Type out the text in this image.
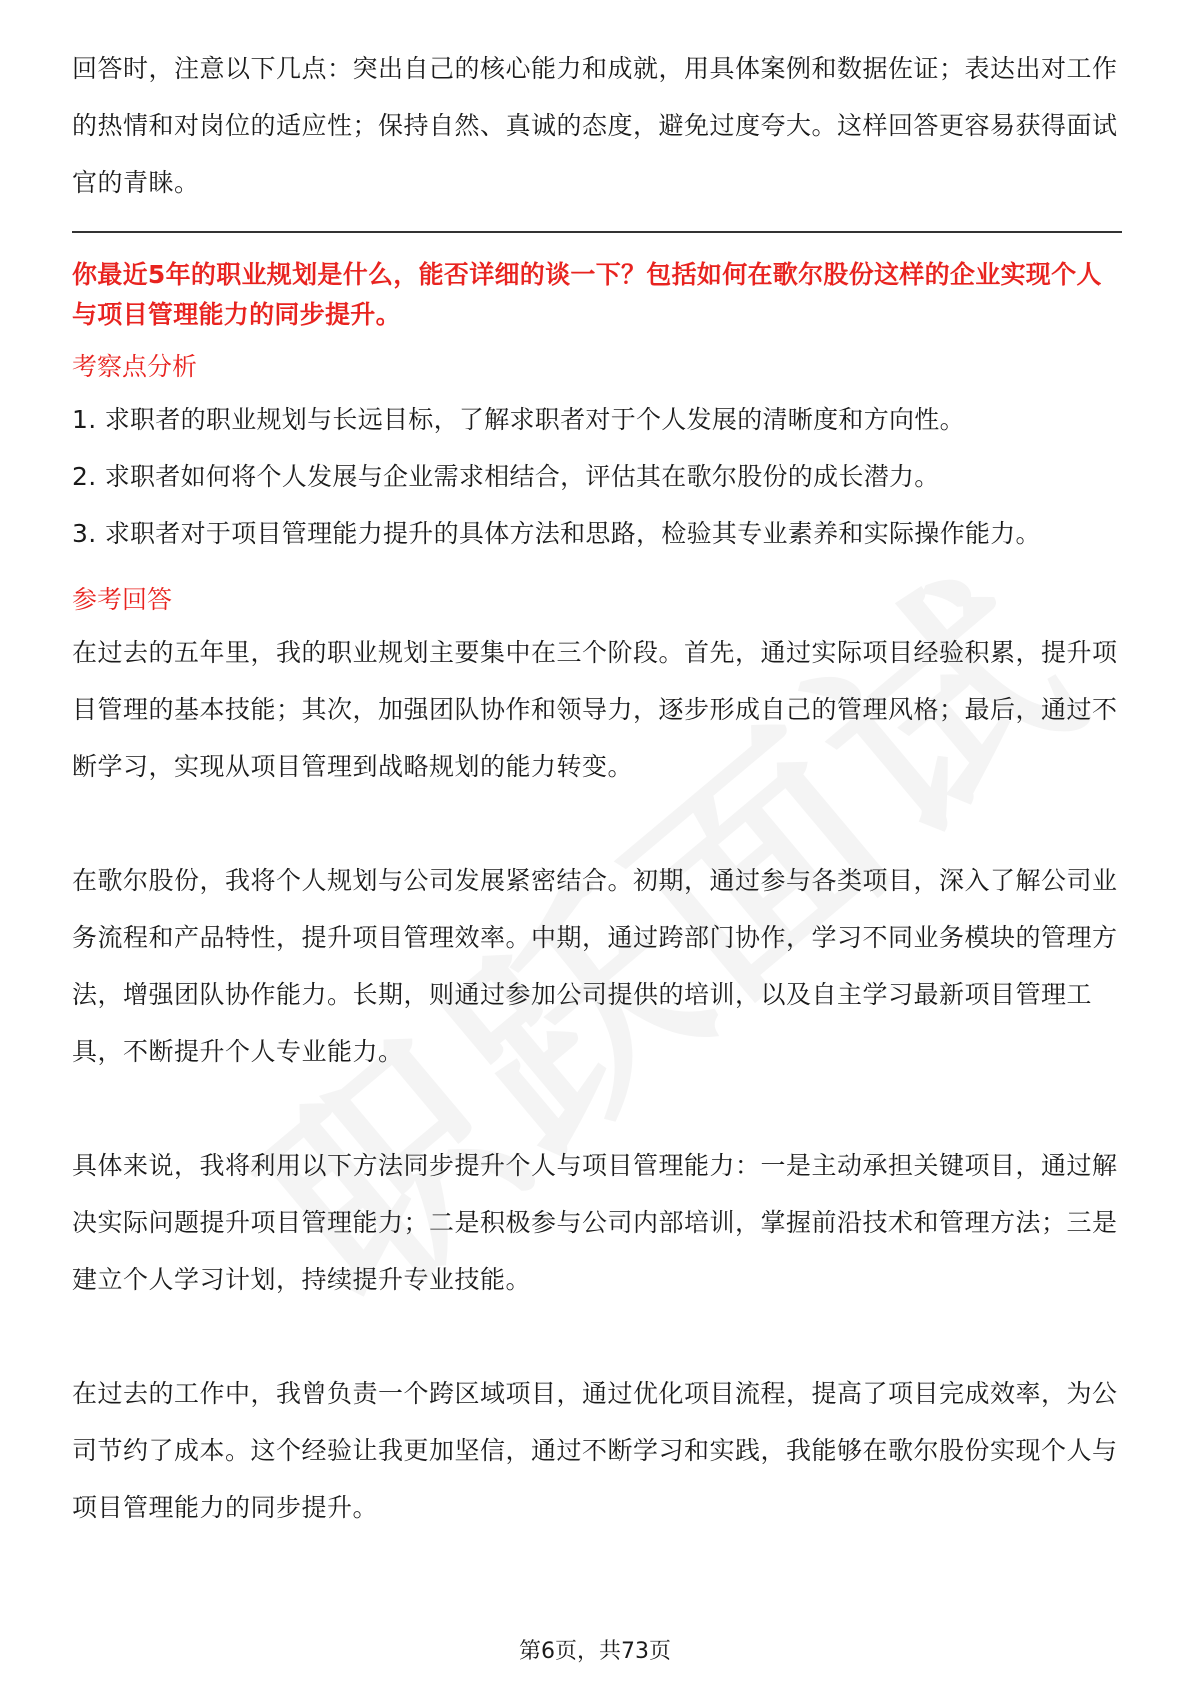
回答时，注意以下几点：突出自己的核心能力和成就，用具体案例和数据佐证；表达出对工作的热情和对岗位的适应性；保持自然、真诚的态度，避免过度夸大。这样回答更容易获得面试官的青睐。

你最近5年的职业规划是什么，能否详细的谈一下？包括如何在歌尔股份这样的企业实现个人与项目管理能力的同步提升。

考察点分析

1. 求职者的职业规划与长远目标，了解求职者对于个人发展的清晰度和方向性。

2. 求职者如何将个人发展与企业需求相结合，评估其在歌尔股份的成长潜力。

3. 求职者对于项目管理能力提升的具体方法和思路，检验其专业素养和实际操作能力。

参考回答

在过去的五年里，我的职业规划主要集中在三个阶段。首先，通过实际项目经验积累，提升项目管理的基本技能；其次，加强团队协作和领导力，逐步形成自己的管理风格；最后，通过不断学习，实现从项目管理到战略规划的能力转变。

在歌尔股份，我将个人规划与公司发展紧密结合。初期，通过参与各类项目，深入了解公司业务流程和产品特性，提升项目管理效率。中期，通过跨部门协作，学习不同业务模块的管理方法，增强团队协作能力。长期，则通过参加公司提供的培训，以及自主学习最新项目管理工具，不断提升个人专业能力。

具体来说，我将利用以下方法同步提升个人与项目管理能力：一是主动承担关键项目，通过解决实际问题提升项目管理能力；二是积极参与公司内部培训，掌握前沿技术和管理方法；三是建立个人学习计划，持续提升专业技能。

在过去的工作中，我曾负责一个跨区域项目，通过优化项目流程，提高了项目完成效率，为公司节约了成本。这个经验让我更加坚信，通过不断学习和实践，我能够在歌尔股份实现个人与项目管理能力的同步提升。

第6页，共73页
